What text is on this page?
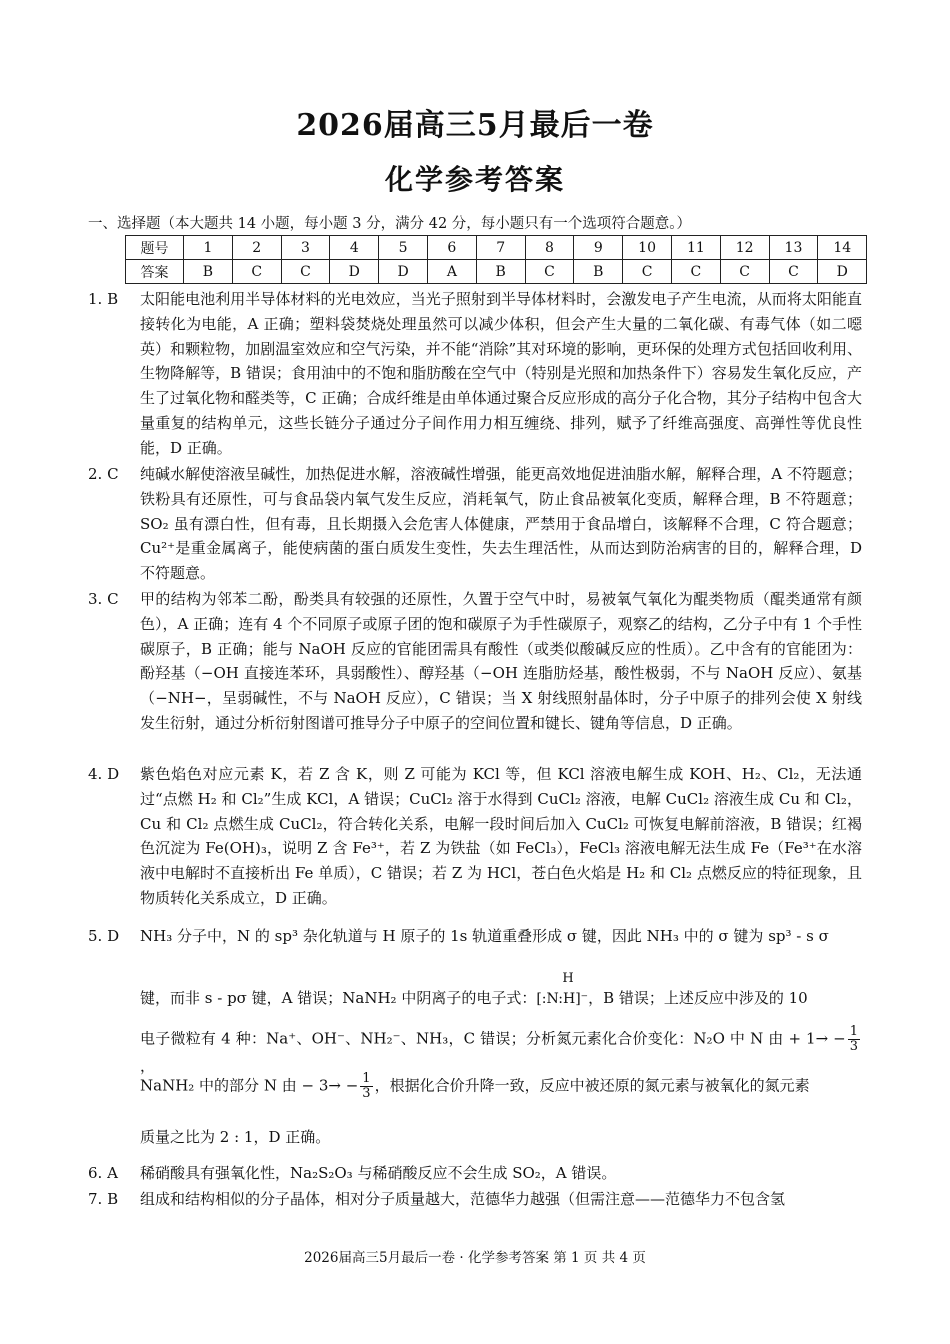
2026届高三5月最后一卷
化学参考答案
一、选择题（本大题共 14 小题，每小题 3 分，满分 42 分，每小题只有一个选项符合题意。）
题号	1	2	3	4	5	6	7	8	9	10	11	12	13	14
答案	B	C	C	D	D	A	B	C	B	C	C	C	C	D
1. B 太阳能电池利用半导体材料的光电效应，当光子照射到半导体材料时，会激发电子产生电流，从而将太阳能直接转化为电能，A 正确；塑料袋焚烧处理虽然可以减少体积，但会产生大量的二氧化碳、有毒气体（如二噁英）和颗粒物，加剧温室效应和空气污染，并不能“消除”其对环境的影响，更环保的处理方式包括回收利用、生物降解等，B 错误；食用油中的不饱和脂肪酸在空气中（特别是光照和加热条件下）容易发生氧化反应，产生了过氧化物和醛类等，C 正确；合成纤维是由单体通过聚合反应形成的高分子化合物，其分子结构中包含大量重复的结构单元，这些长链分子通过分子间作用力相互缠绕、排列，赋予了纤维高强度、高弹性等优良性能，D 正确。
2. C 纯碱水解使溶液呈碱性，加热促进水解，溶液碱性增强，能更高效地促进油脂水解，解释合理，A 不符题意；铁粉具有还原性，可与食品袋内氧气发生反应，消耗氧气，防止食品被氧化变质，解释合理，B 不符题意；SO₂ 虽有漂白性，但有毒，且长期摄入会危害人体健康，严禁用于食品增白，该解释不合理，C 符合题意；Cu²⁺是重金属离子，能使病菌的蛋白质发生变性，失去生理活性，从而达到防治病害的目的，解释合理，D 不符题意。
3. C 甲的结构为邻苯二酚，酚类具有较强的还原性，久置于空气中时，易被氧气氧化为醌类物质（醌类通常有颜色），A 正确；连有 4 个不同原子或原子团的饱和碳原子为手性碳原子，观察乙的结构，乙分子中有 1 个手性碳原子，B 正确；能与 NaOH 反应的官能团需具有酸性（或类似酸碱反应的性质）。乙中含有的官能团为：酚羟基（−OH 直接连苯环，具弱酸性）、醇羟基（−OH 连脂肪烃基，酸性极弱，不与 NaOH 反应）、氨基（−NH−，呈弱碱性，不与 NaOH 反应），C 错误；当 X 射线照射晶体时，分子中原子的排列会使 X 射线发生衍射，通过分析衍射图谱可推导分子中原子的空间位置和键长、键角等信息，D 正确。
4. D 紫色焰色对应元素 K，若 Z 含 K，则 Z 可能为 KCl 等，但 KCl 溶液电解生成 KOH、H₂、Cl₂，无法通过“点燃 H₂ 和 Cl₂”生成 KCl，A 错误；CuCl₂ 溶于水得到 CuCl₂ 溶液，电解 CuCl₂ 溶液生成 Cu 和 Cl₂，Cu 和 Cl₂ 点燃生成 CuCl₂，符合转化关系，电解一段时间后加入 CuCl₂ 可恢复电解前溶液，B 错误；红褐色沉淀为 Fe(OH)₃，说明 Z 含 Fe³⁺，若 Z 为铁盐（如 FeCl₃），FeCl₃ 溶液电解无法生成 Fe（Fe³⁺在水溶液中电解时不直接析出 Fe 单质），C 错误；若 Z 为 HCl，苍白色火焰是 H₂ 和 Cl₂ 点燃反应的特征现象，且物质转化关系成立，D 正确。
5. D NH₃ 分子中，N 的 sp³ 杂化轨道与 H 原子的 1s 轨道重叠形成 σ 键，因此 NH₃ 中的 σ 键为 sp³ - s σ
键，而非 s - pσ 键，A 错误；NaNH₂ 中阴离子的电子式：
H
[:N:H]⁻，B 错误；上述反应中涉及的 10
电子微粒有 4 种：Na⁺、OH⁻、NH₂⁻、NH₃，C 错误；分析氮元素化合价变化：N₂O 中 N 由 + $1\to - \frac{1}{3}$
，
NaNH₂ 中的部分 N 由 − $3\to - \frac{1}{3}$ ，根据化合价升降一致，反应中被还原的氮元素与被氧化的氮元素
质量之比为 2 : 1，D 正确。
6. A 稀硝酸具有强氧化性，Na₂S₂O₃ 与稀硝酸反应不会生成 SO₂，A 错误。
7. B 组成和结构相似的分子晶体，相对分子质量越大，范德华力越强（但需注意——范德华力不包含氢
2026届高三5月最后一卷 · 化学参考答案 第 1 页 共 4 页
